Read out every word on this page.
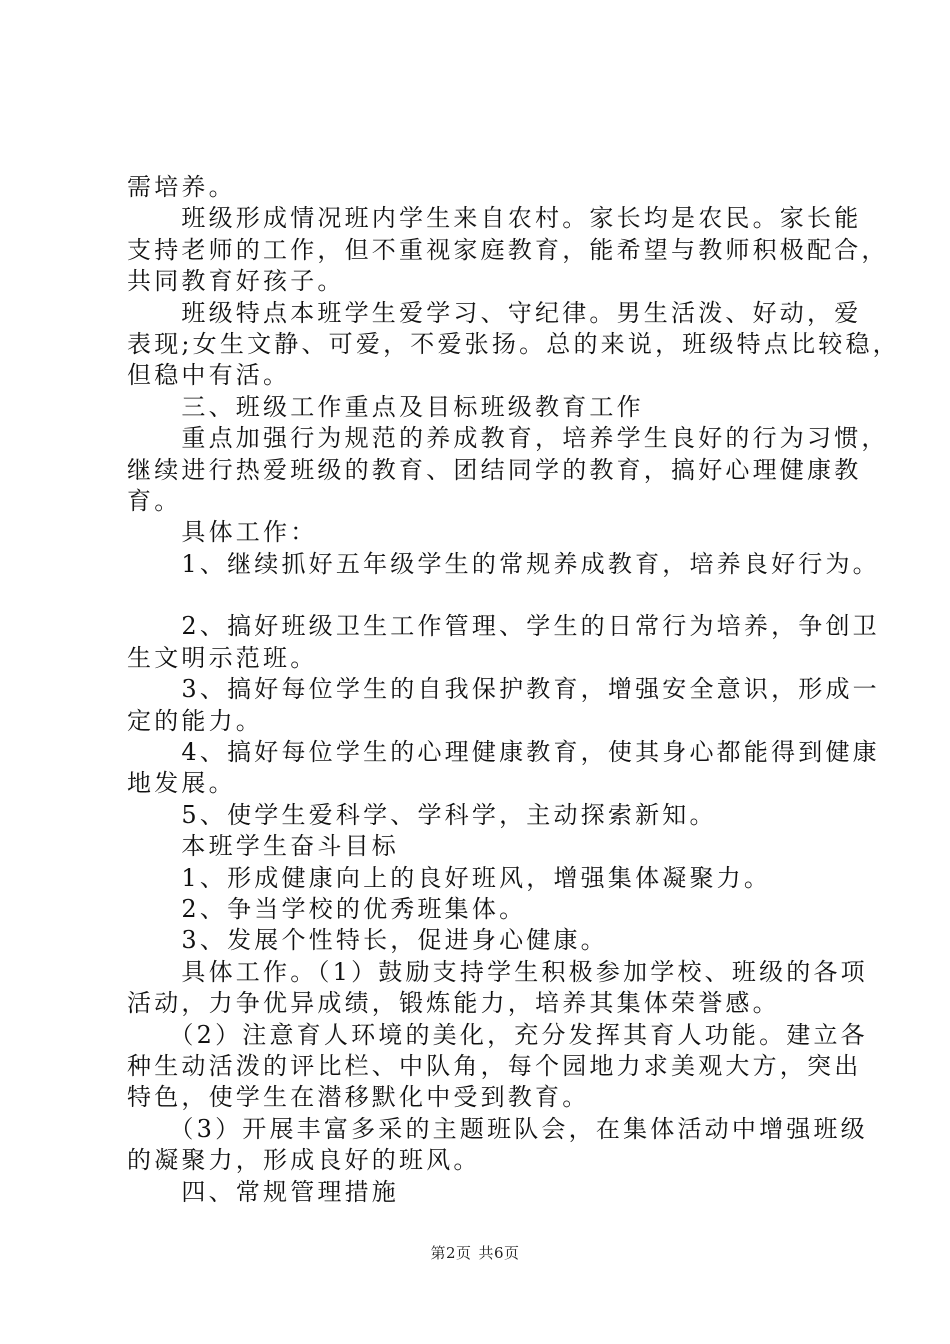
需培养。

　　班级形成情况班内学生来自农村。家长均是农民。家长能

支持老师的工作，但不重视家庭教育，能希望与教师积极配合，

共同教育好孩子。

　　班级特点本班学生爱学习、守纪律。男生活泼、好动，爱

表现;女生文静、可爱，不爱张扬。总的来说，班级特点比较稳，

但稳中有活。

　　三、班级工作重点及目标班级教育工作

　　重点加强行为规范的养成教育，培养学生良好的行为习惯，

继续进行热爱班级的教育、团结同学的教育，搞好心理健康教

育。

　　具体工作：

　　1、继续抓好五年级学生的常规养成教育，培养良好行为。

　　2、搞好班级卫生工作管理、学生的日常行为培养，争创卫

生文明示范班。

　　3、搞好每位学生的自我保护教育，增强安全意识，形成一

定的能力。

　　4、搞好每位学生的心理健康教育，使其身心都能得到健康

地发展。

　　5、使学生爱科学、学科学，主动探索新知。

　　本班学生奋斗目标

　　1、形成健康向上的良好班风，增强集体凝聚力。

　　2、争当学校的优秀班集体。

　　3、发展个性特长，促进身心健康。

　　具体工作。（1）鼓励支持学生积极参加学校、班级的各项

活动，力争优异成绩，锻炼能力，培养其集体荣誉感。

　　（2）注意育人环境的美化，充分发挥其育人功能。建立各

种生动活泼的评比栏、中队角，每个园地力求美观大方，突出

特色，使学生在潜移默化中受到教育。

　　（3）开展丰富多采的主题班队会，在集体活动中增强班级

的凝聚力，形成良好的班风。

　　四、常规管理措施

第2页 共6页
